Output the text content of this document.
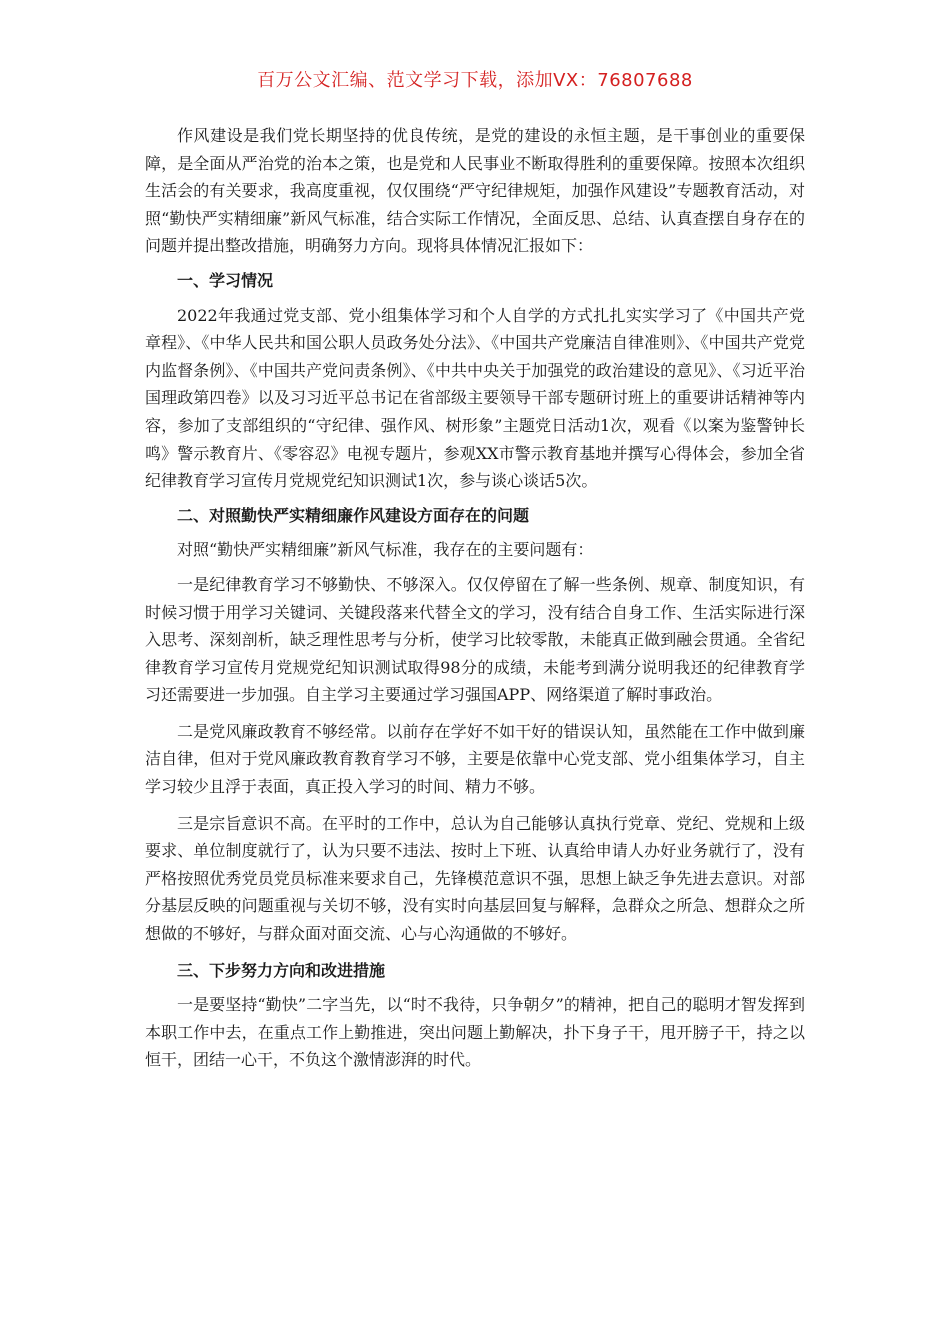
百万公文汇编、范文学习下载，添加VX：76807688

作风建设是我们党长期坚持的优良传统，是党的建设的永恒主题，是干事创业的重要保障，是全面从严治党的治本之策，也是党和人民事业不断取得胜利的重要保障。按照本次组织生活会的有关要求，我高度重视，仅仅围绕“严守纪律规矩，加强作风建设”专题教育活动，对照“勤快严实精细廉”新风气标准，结合实际工作情况，全面反思、总结、认真查摆自身存在的问题并提出整改措施，明确努力方向。现将具体情况汇报如下：

一、学习情况

2022年我通过党支部、党小组集体学习和个人自学的方式扎扎实实学习了《中国共产党章程》、《中华人民共和国公职人员政务处分法》、《中国共产党廉洁自律准则》、《中国共产党党内监督条例》、《中国共产党问责条例》、《中共中央关于加强党的政治建设的意见》、《习近平治国理政第四卷》以及习习近平总书记在省部级主要领导干部专题研讨班上的重要讲话精神等内容，参加了支部组织的“守纪律、强作风、树形象”主题党日活动1次，观看《以案为鉴警钟长鸣》警示教育片、《零容忍》电视专题片，参观XX市警示教育基地并撰写心得体会，参加全省纪律教育学习宣传月党规党纪知识测试1次，参与谈心谈话5次。

二、对照勤快严实精细廉作风建设方面存在的问题

对照“勤快严实精细廉”新风气标准，我存在的主要问题有：

一是纪律教育学习不够勤快、不够深入。仅仅停留在了解一些条例、规章、制度知识，有时候习惯于用学习关键词、关键段落来代替全文的学习，没有结合自身工作、生活实际进行深入思考、深刻剖析，缺乏理性思考与分析，使学习比较零散，未能真正做到融会贯通。全省纪律教育学习宣传月党规党纪知识测试取得98分的成绩，未能考到满分说明我还的纪律教育学习还需要进一步加强。自主学习主要通过学习强国APP、网络渠道了解时事政治。

二是党风廉政教育不够经常。以前存在学好不如干好的错误认知，虽然能在工作中做到廉洁自律，但对于党风廉政教育教育学习不够，主要是依靠中心党支部、党小组集体学习，自主学习较少且浮于表面，真正投入学习的时间、精力不够。

三是宗旨意识不高。在平时的工作中，总认为自己能够认真执行党章、党纪、党规和上级要求、单位制度就行了，认为只要不违法、按时上下班、认真给申请人办好业务就行了，没有严格按照优秀党员党员标准来要求自己，先锋模范意识不强，思想上缺乏争先进去意识。对部分基层反映的问题重视与关切不够，没有实时向基层回复与解释，急群众之所急、想群众之所想做的不够好，与群众面对面交流、心与心沟通做的不够好。

三、下步努力方向和改进措施

一是要坚持“勤快”二字当先，以“时不我待，只争朝夕”的精神，把自己的聪明才智发挥到本职工作中去，在重点工作上勤推进，突出问题上勤解决，扑下身子干，甩开膀子干，持之以恒干，团结一心干，不负这个激情澎湃的时代。
